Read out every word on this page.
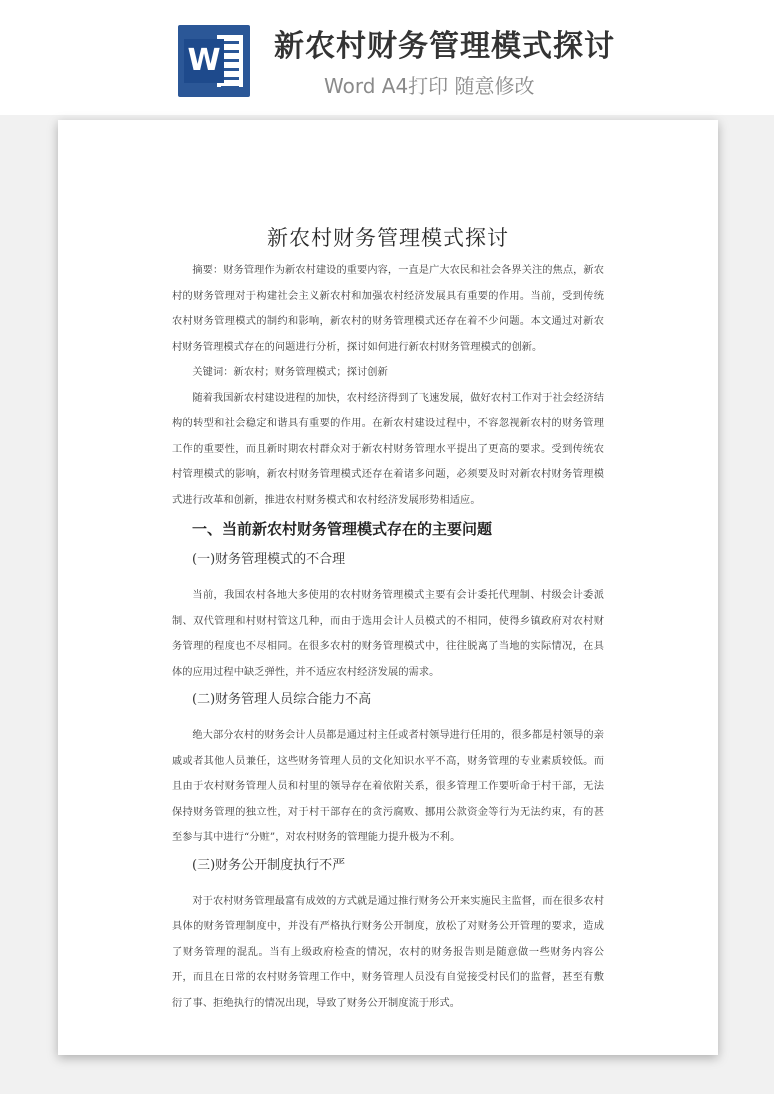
W 新农村财务管理模式探讨
Word A4打印 随意修改
新农村财务管理模式探讨

摘要：财务管理作为新农村建设的重要内容，一直是广大农民和社会各界关注的焦点，新农村的财务管理对于构建社会主义新农村和加强农村经济发展具有重要的作用。当前，受到传统农村财务管理模式的制约和影响，新农村的财务管理模式还存在着不少问题。本文通过对新农村财务管理模式存在的问题进行分析，探讨如何进行新农村财务管理模式的创新。

关键词：新农村；财务管理模式；探讨创新

随着我国新农村建设进程的加快，农村经济得到了飞速发展，做好农村工作对于社会经济结构的转型和社会稳定和谐具有重要的作用。在新农村建设过程中，不容忽视新农村的财务管理工作的重要性，而且新时期农村群众对于新农村财务管理水平提出了更高的要求。受到传统农村管理模式的影响，新农村财务管理模式还存在着诸多问题，必须要及时对新农村财务管理模式进行改革和创新，推进农村财务模式和农村经济发展形势相适应。

一、当前新农村财务管理模式存在的主要问题
(一)财务管理模式的不合理

当前，我国农村各地大多使用的农村财务管理模式主要有会计委托代理制、村级会计委派制、双代管理和村财村管这几种，而由于选用会计人员模式的不相同，使得乡镇政府对农村财务管理的程度也不尽相同。在很多农村的财务管理模式中，往往脱离了当地的实际情况，在具体的应用过程中缺乏弹性，并不适应农村经济发展的需求。

(二)财务管理人员综合能力不高

绝大部分农村的财务会计人员都是通过村主任或者村领导进行任用的，很多都是村领导的亲戚或者其他人员兼任，这些财务管理人员的文化知识水平不高，财务管理的专业素质较低。而且由于农村财务管理人员和村里的领导存在着依附关系，很多管理工作要听命于村干部，无法保持财务管理的独立性，对于村干部存在的贪污腐败、挪用公款资金等行为无法约束，有的甚至参与其中进行“分赃”，对农村财务的管理能力提升极为不利。

(三)财务公开制度执行不严

对于农村财务管理最富有成效的方式就是通过推行财务公开来实施民主监督，而在很多农村具体的财务管理制度中，并没有严格执行财务公开制度，放松了对财务公开管理的要求，造成了财务管理的混乱。当有上级政府检查的情况，农村的财务报告则是随意做一些财务内容公开，而且在日常的农村财务管理工作中，财务管理人员没有自觉接受村民们的监督，甚至有敷衍了事、拒绝执行的情况出现，导致了财务公开制度流于形式。
